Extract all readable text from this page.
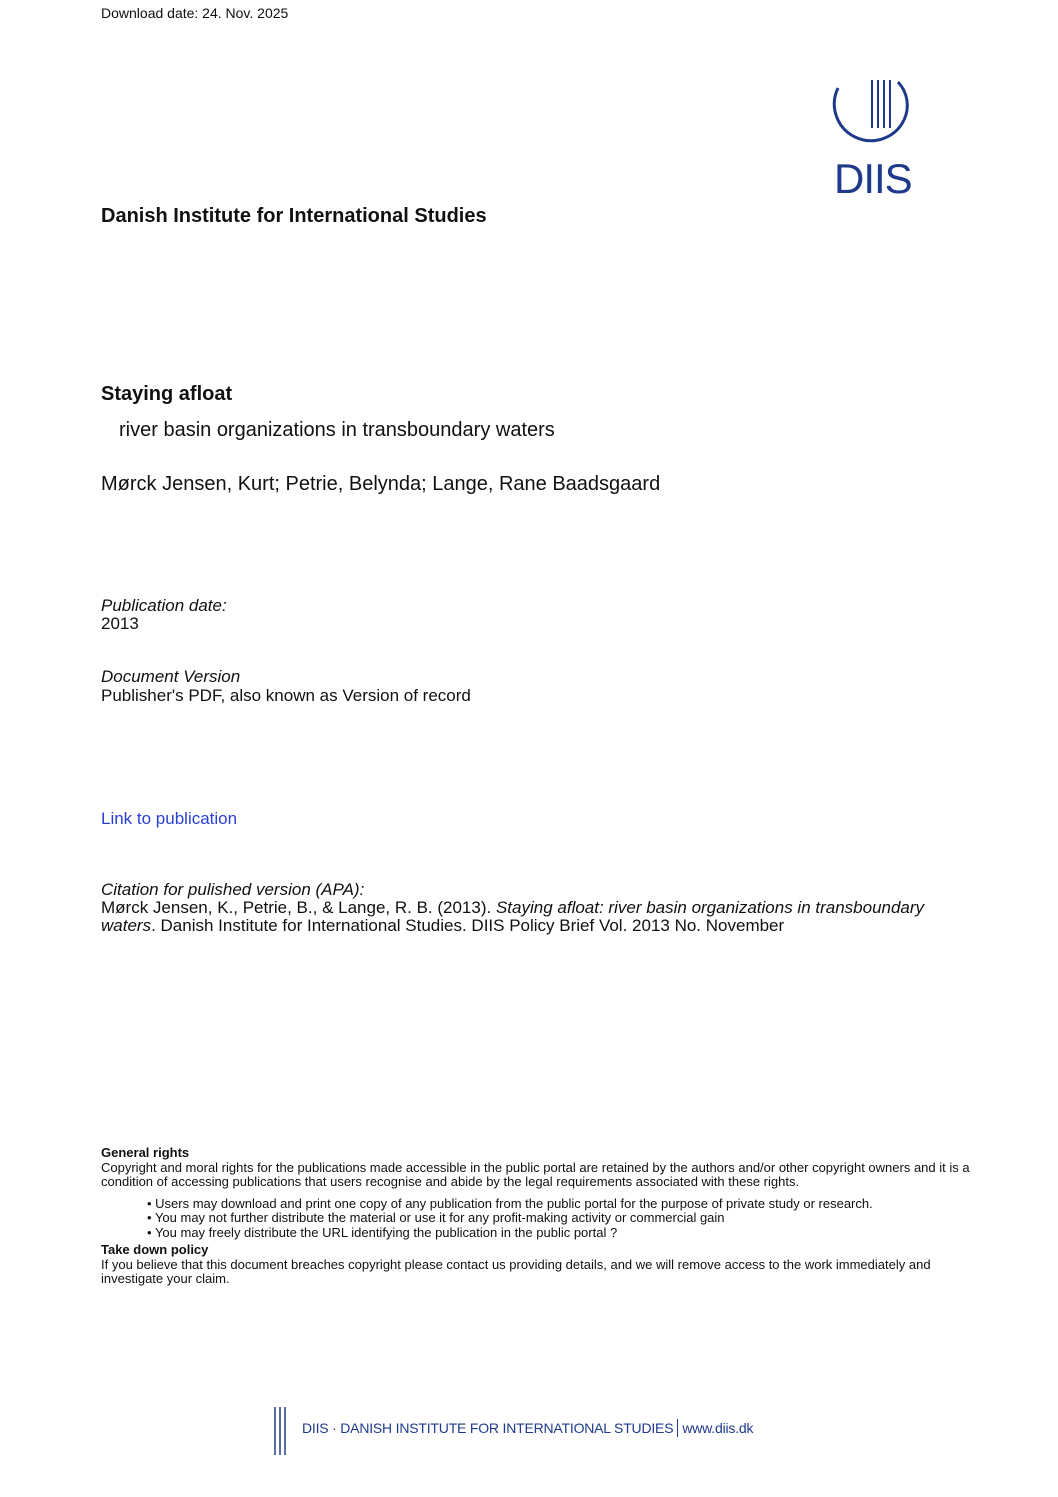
Download date: 24. Nov. 2025
DIIS
Danish Institute for International Studies
Staying afloat
river basin organizations in transboundary waters
Mørck Jensen, Kurt; Petrie, Belynda; Lange, Rane Baadsgaard
Publication date:
2013
Document Version
Publisher's PDF, also known as Version of record
Link to publication
Citation for pulished version (APA):
Mørck Jensen, K., Petrie, B., & Lange, R. B. (2013). Staying afloat: river basin organizations in transboundary waters. Danish Institute for International Studies. DIIS Policy Brief Vol. 2013 No. November
General rights
Copyright and moral rights for the publications made accessible in the public portal are retained by the authors and/or other copyright owners and it is a condition of accessing publications that users recognise and abide by the legal requirements associated with these rights.
• Users may download and print one copy of any publication from the public portal for the purpose of private study or research.
• You may not further distribute the material or use it for any profit-making activity or commercial gain
• You may freely distribute the URL identifying the publication in the public portal ?
Take down policy
If you believe that this document breaches copyright please contact us providing details, and we will remove access to the work immediately and investigate your claim.
DIIS · DANISH INSTITUTE FOR INTERNATIONAL STUDIES www.diis.dk
